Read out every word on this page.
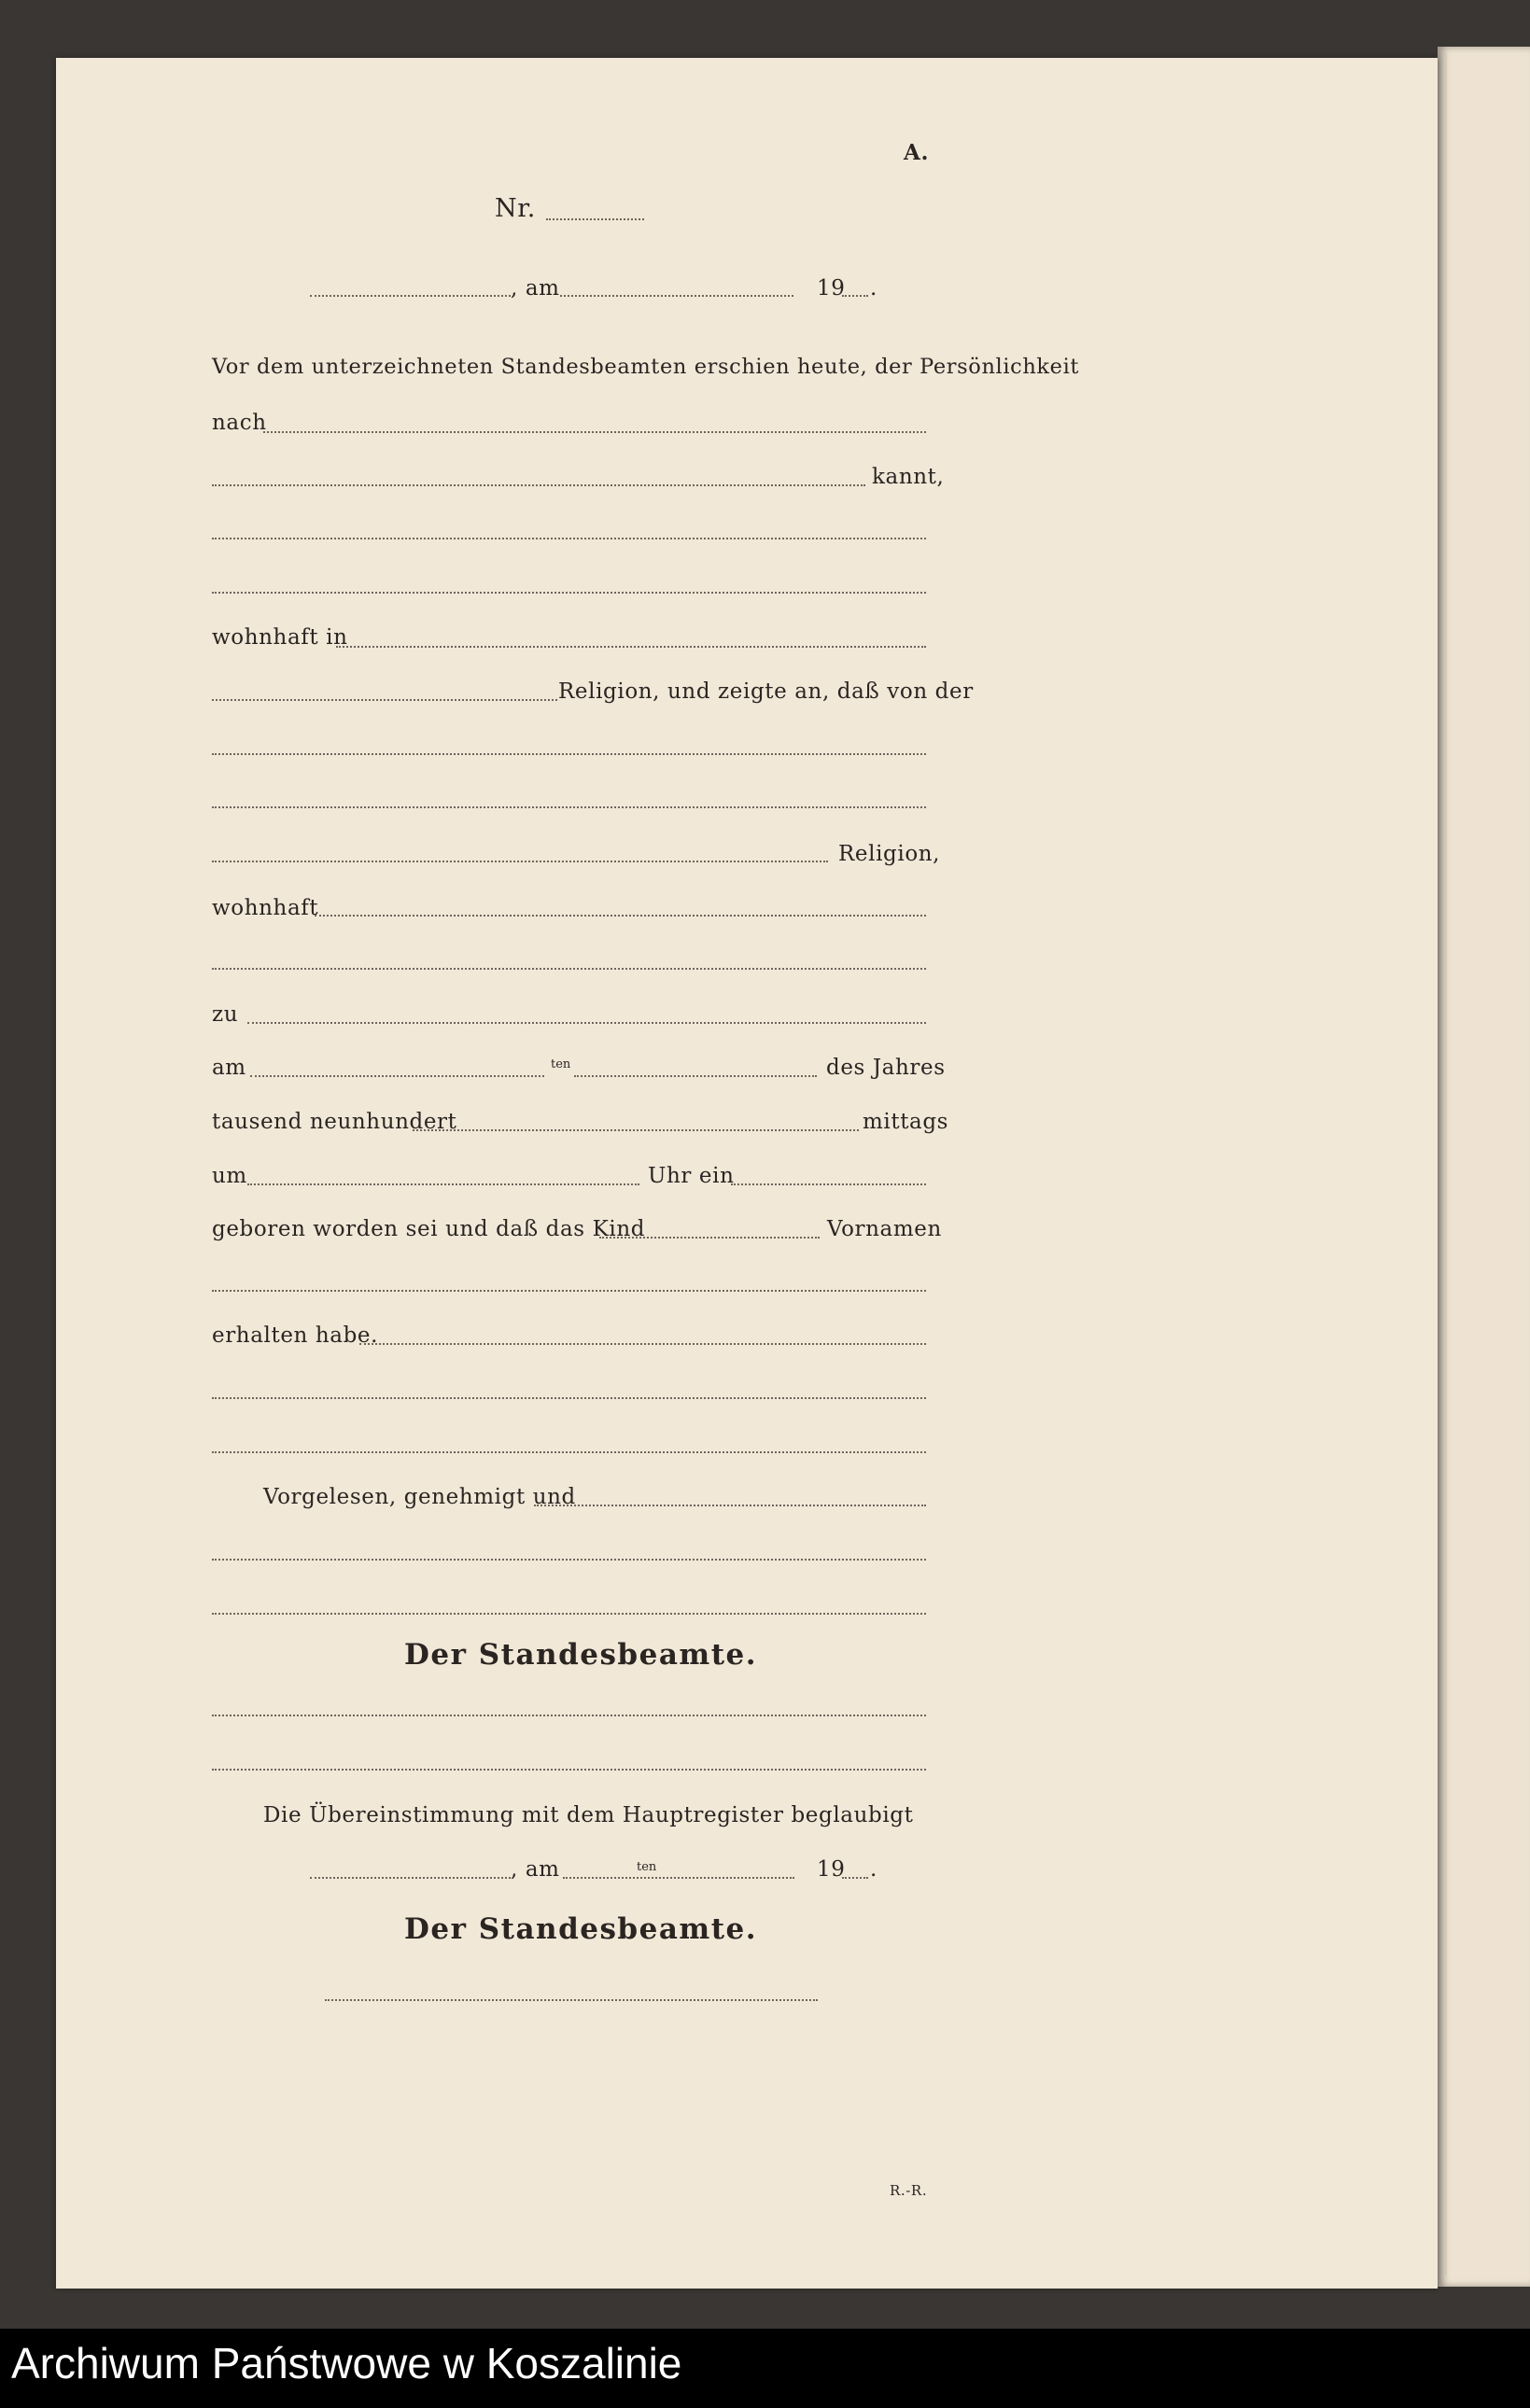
A.
Nr.
, am	19 .
Vor dem unterzeichneten Standesbeamten erschien heute, der Persönlichkeit
nach
kannt,
wohnhaft in
Religion, und zeigte an, daß von der
Religion,
wohnhaft
zu
am	ten	des Jahres
tausend neunhundert	mittags
um	Uhr ein
geboren worden sei und daß das Kind	Vornamen
erhalten habe.
Vorgelesen, genehmigt und
Der Standesbeamte.
Die Übereinstimmung mit dem Hauptregister beglaubigt
, am	ten	19 .
Der Standesbeamte.
R.-R.
Archiwum Państwowe w Koszalinie
